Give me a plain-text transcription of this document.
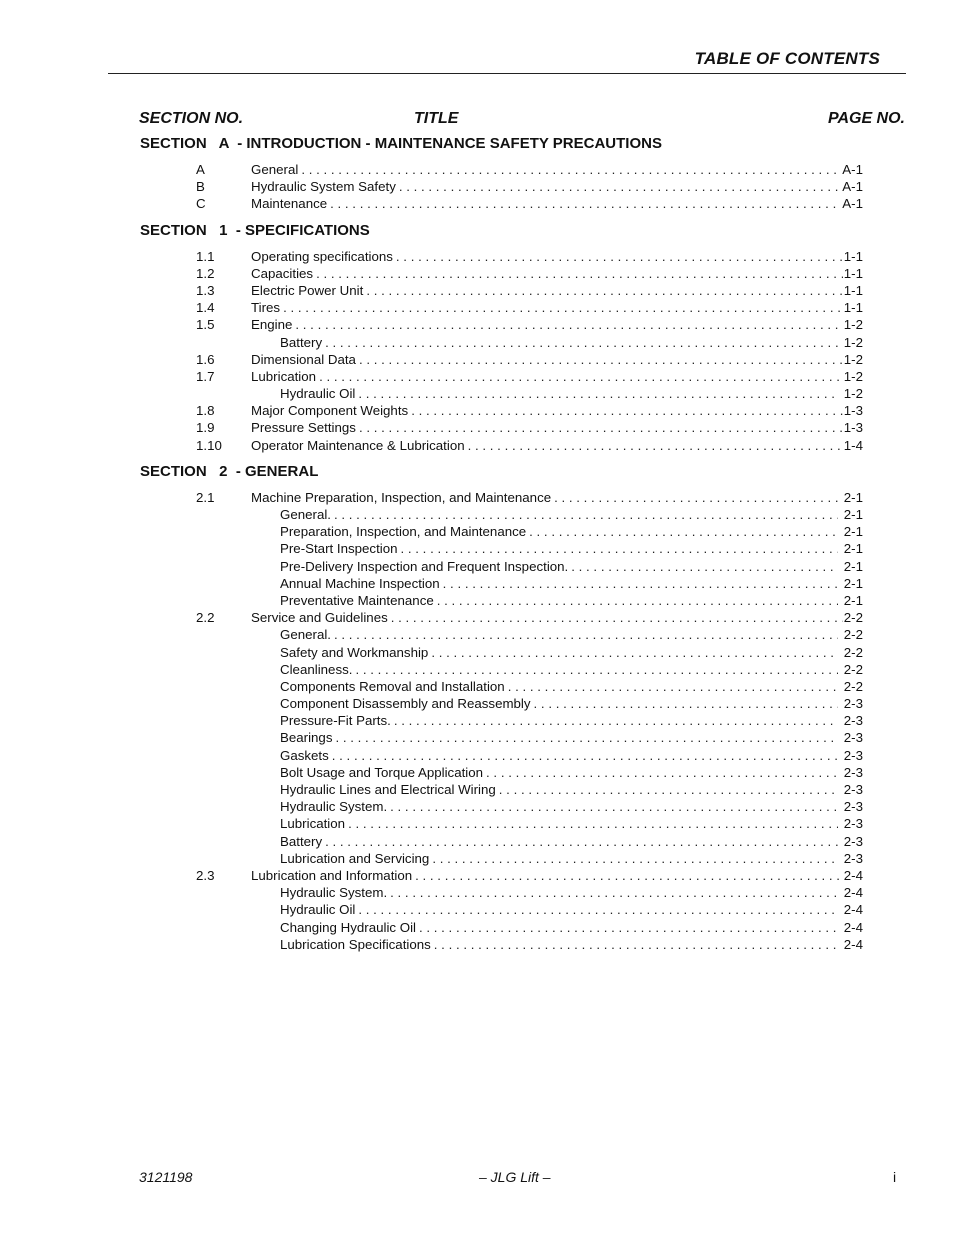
TABLE OF CONTENTS
SECTION NO.	TITLE	PAGE NO.
SECTION   A  - INTRODUCTION - MAINTENANCE SAFETY PRECAUTIONS
A	General . . .	A-1
B	Hydraulic System Safety . . .	A-1
C	Maintenance . . .	A-1
SECTION   1  - SPECIFICATIONS
1.1	Operating specifications . . .	1-1
1.2	Capacities . . .	1-1
1.3	Electric Power Unit . . .	1-1
1.4	Tires . . .	1-1
1.5	Engine . . .	1-2
Battery . . .	1-2
1.6	Dimensional Data . . .	1-2
1.7	Lubrication . . .	1-2
Hydraulic Oil . . .	1-2
1.8	Major Component Weights . . .	1-3
1.9	Pressure Settings . . .	1-3
1.10 Operator Maintenance & Lubrication . . .	1-4
SECTION   2  - GENERAL
2.1	Machine Preparation, Inspection, and Maintenance . . .	2-1
General. . . .	2-1
Preparation, Inspection, and Maintenance . . .	2-1
Pre-Start Inspection . . .	2-1
Pre-Delivery Inspection and Frequent Inspection. . . .	2-1
Annual Machine Inspection . . .	2-1
Preventative Maintenance . . .	2-1
2.2	Service and Guidelines . . .	2-2
General. . . .	2-2
Safety and Workmanship . . .	2-2
Cleanliness. . . .	2-2
Components Removal and Installation . . .	2-2
Component Disassembly and Reassembly . . .	2-3
Pressure-Fit Parts. . . .	2-3
Bearings . . .	2-3
Gaskets . . .	2-3
Bolt Usage and Torque Application . . .	2-3
Hydraulic Lines and Electrical Wiring . . .	2-3
Hydraulic System. . . .	2-3
Lubrication . . .	2-3
Battery . . .	2-3
Lubrication and Servicing . . .	2-3
2.3	Lubrication and Information . . .	2-4
Hydraulic System. . . .	2-4
Hydraulic Oil . . .	2-4
Changing Hydraulic Oil . . .	2-4
Lubrication Specifications . . .	2-4
3121198	– JLG Lift –	i
